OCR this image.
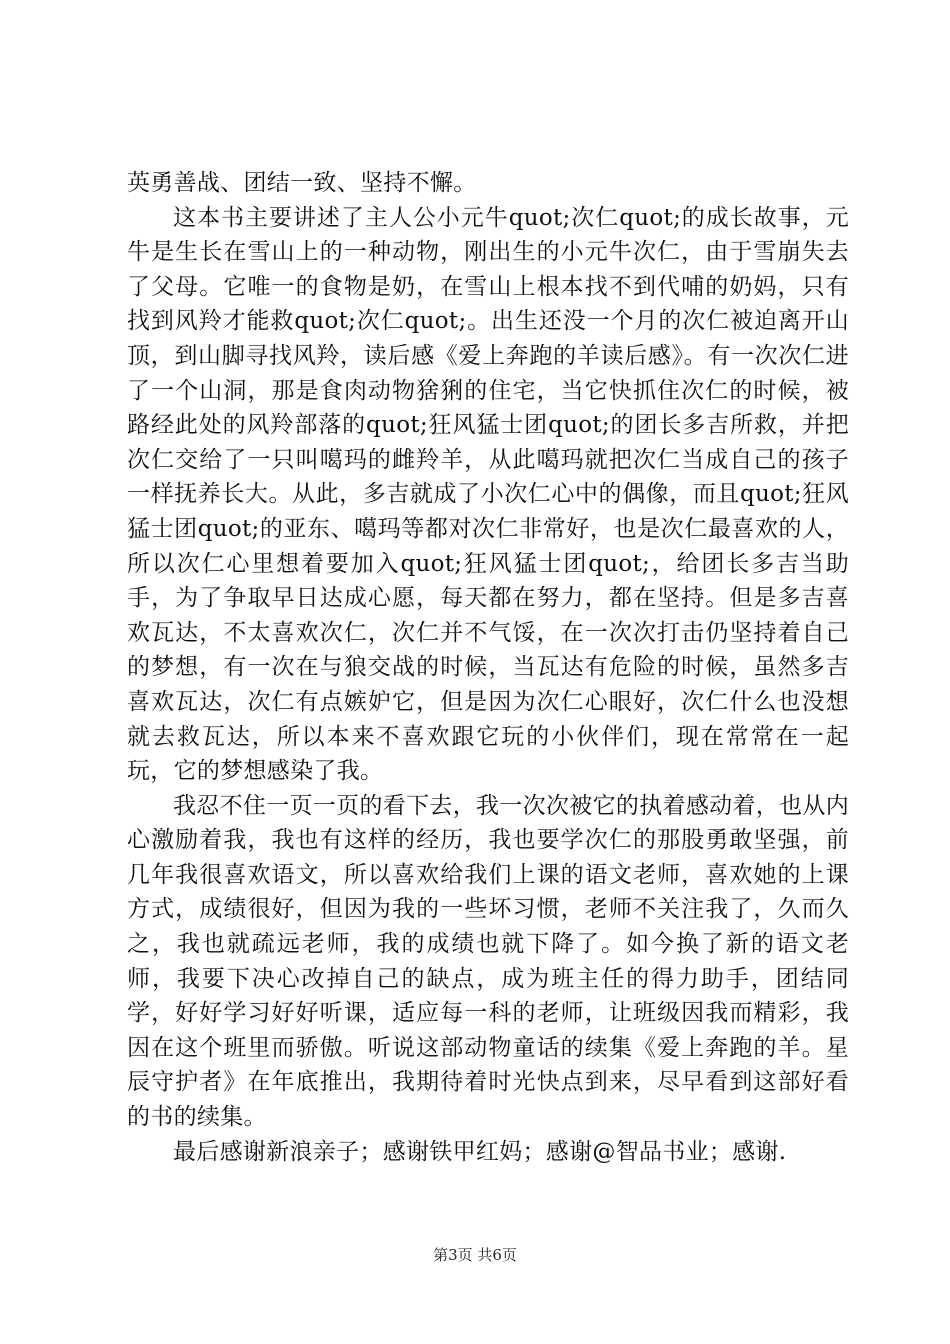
英勇善战、团结一致、坚持不懈。

这本书主要讲述了主人公小元牛quot;次仁quot;的成长故事，元牛是生长在雪山上的一种动物，刚出生的小元牛次仁，由于雪崩失去了父母。它唯一的食物是奶，在雪山上根本找不到代哺的奶妈，只有找到风羚才能救quot;次仁quot;。出生还没一个月的次仁被迫离开山顶，到山脚寻找风羚，读后感《爱上奔跑的羊读后感》。有一次次仁进了一个山洞，那是食肉动物猞猁的住宅，当它快抓住次仁的时候，被路经此处的风羚部落的quot;狂风猛士团quot;的团长多吉所救，并把次仁交给了一只叫噶玛的雌羚羊，从此噶玛就把次仁当成自己的孩子一样抚养长大。从此，多吉就成了小次仁心中的偶像，而且quot;狂风猛士团quot;的亚东、噶玛等都对次仁非常好，也是次仁最喜欢的人，所以次仁心里想着要加入quot;狂风猛士团quot;，给团长多吉当助手，为了争取早日达成心愿，每天都在努力，都在坚持。但是多吉喜欢瓦达，不太喜欢次仁，次仁并不气馁，在一次次打击仍坚持着自己的梦想，有一次在与狼交战的时候，当瓦达有危险的时候，虽然多吉喜欢瓦达，次仁有点嫉妒它，但是因为次仁心眼好，次仁什么也没想就去救瓦达，所以本来不喜欢跟它玩的小伙伴们，现在常常在一起玩，它的梦想感染了我。

我忍不住一页一页的看下去，我一次次被它的执着感动着，也从内心激励着我，我也有这样的经历，我也要学次仁的那股勇敢坚强，前几年我很喜欢语文，所以喜欢给我们上课的语文老师，喜欢她的上课方式，成绩很好，但因为我的一些坏习惯，老师不关注我了，久而久之，我也就疏远老师，我的成绩也就下降了。如今换了新的语文老师，我要下决心改掉自己的缺点，成为班主任的得力助手，团结同学，好好学习好好听课，适应每一科的老师，让班级因我而精彩，我因在这个班里而骄傲。听说这部动物童话的续集《爱上奔跑的羊。星辰守护者》在年底推出，我期待着时光快点到来，尽早看到这部好看的书的续集。

最后感谢新浪亲子；感谢铁甲红妈；感谢@智品书业；感谢.

第3页 共6页
